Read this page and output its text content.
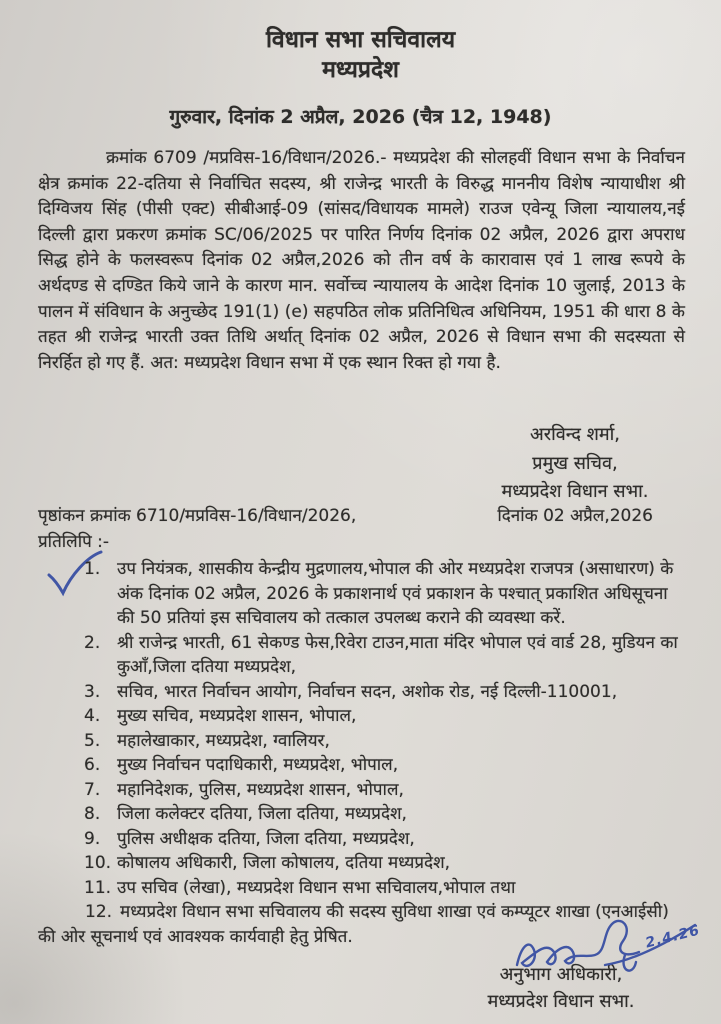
विधान सभा सचिवालय
मध्यप्रदेश
गुरुवार, दिनांक 2 अप्रैल, 2026 (चैत्र 12, 1948)
क्रमांक 6709 /मप्रविस-16/विधान/2026.- मध्यप्रदेश की सोलहवीं विधान सभा के निर्वाचन क्षेत्र क्रमांक 22-दतिया से निर्वाचित सदस्य, श्री राजेन्द्र भारती के विरुद्ध माननीय विशेष न्यायाधीश श्री दिग्विजय सिंह (पीसी एक्ट) सीबीआई-09 (सांसद/विधायक मामले) राउज एवेन्यू जिला न्यायालय,नई दिल्ली द्वारा प्रकरण क्रमांक SC/06/2025 पर पारित निर्णय दिनांक 02 अप्रैल, 2026 द्वारा अपराध सिद्ध होने के फलस्वरूप दिनांक 02 अप्रैल,2026 को तीन वर्ष के कारावास एवं 1 लाख रूपये के अर्थदण्ड से दण्डित किये जाने के कारण मान. सर्वोच्च न्यायालय के आदेश दिनांक 10 जुलाई, 2013 के पालन में संविधान के अनुच्छेद 191(1) (e) सहपठित लोक प्रतिनिधित्व अधिनियम, 1951 की धारा 8 के तहत श्री राजेन्द्र भारती उक्त तिथि अर्थात् दिनांक 02 अप्रैल, 2026 से विधान सभा की सदस्यता से निरर्हित हो गए हैं. अत: मध्यप्रदेश विधान सभा में एक स्थान रिक्त हो गया है.
अरविन्द शर्मा,
प्रमुख सचिव,
मध्यप्रदेश विधान सभा.
पृष्ठांकन क्रमांक 6710/मप्रविस-16/विधान/2026,	दिनांक 02 अप्रैल,2026
प्रतिलिपि :-
1. उप नियंत्रक, शासकीय केन्द्रीय मुद्रणालय,भोपाल की ओर मध्यप्रदेश राजपत्र (असाधारण) के अंक दिनांक 02 अप्रैल, 2026 के प्रकाशनार्थ एवं प्रकाशन के पश्चात् प्रकाशित अधिसूचना की 50 प्रतियां इस सचिवालय को तत्काल उपलब्ध कराने की व्यवस्था करें.
2. श्री राजेन्द्र भारती, 61 सेकण्ड फेस,रिवेरा टाउन,माता मंदिर भोपाल एवं वार्ड 28, मुडियन का कुऑं,जिला दतिया मध्यप्रदेश,
3. सचिव, भारत निर्वाचन आयोग, निर्वाचन सदन, अशोक रोड, नई दिल्ली-110001,
4. मुख्य सचिव, मध्यप्रदेश शासन, भोपाल,
5. महालेखाकार, मध्यप्रदेश, ग्वालियर,
6. मुख्य निर्वाचन पदाधिकारी, मध्यप्रदेश, भोपाल,
7. महानिदेशक, पुलिस, मध्यप्रदेश शासन, भोपाल,
8. जिला कलेक्टर दतिया, जिला दतिया, मध्यप्रदेश,
9. पुलिस अधीक्षक दतिया, जिला दतिया, मध्यप्रदेश,
10. कोषालय अधिकारी, जिला कोषालय, दतिया मध्यप्रदेश,
11. उप सचिव (लेखा), मध्यप्रदेश विधान सभा सचिवालय,भोपाल तथा
12. मध्यप्रदेश विधान सभा सचिवालय की सदस्य सुविधा शाखा एवं कम्प्यूटर शाखा (एनआईसी) की ओर सूचनार्थ एवं आवश्यक कार्यवाही हेतु प्रेषित.	2.4.26
अनुभाग अधिकारी,
मध्यप्रदेश विधान सभा.
